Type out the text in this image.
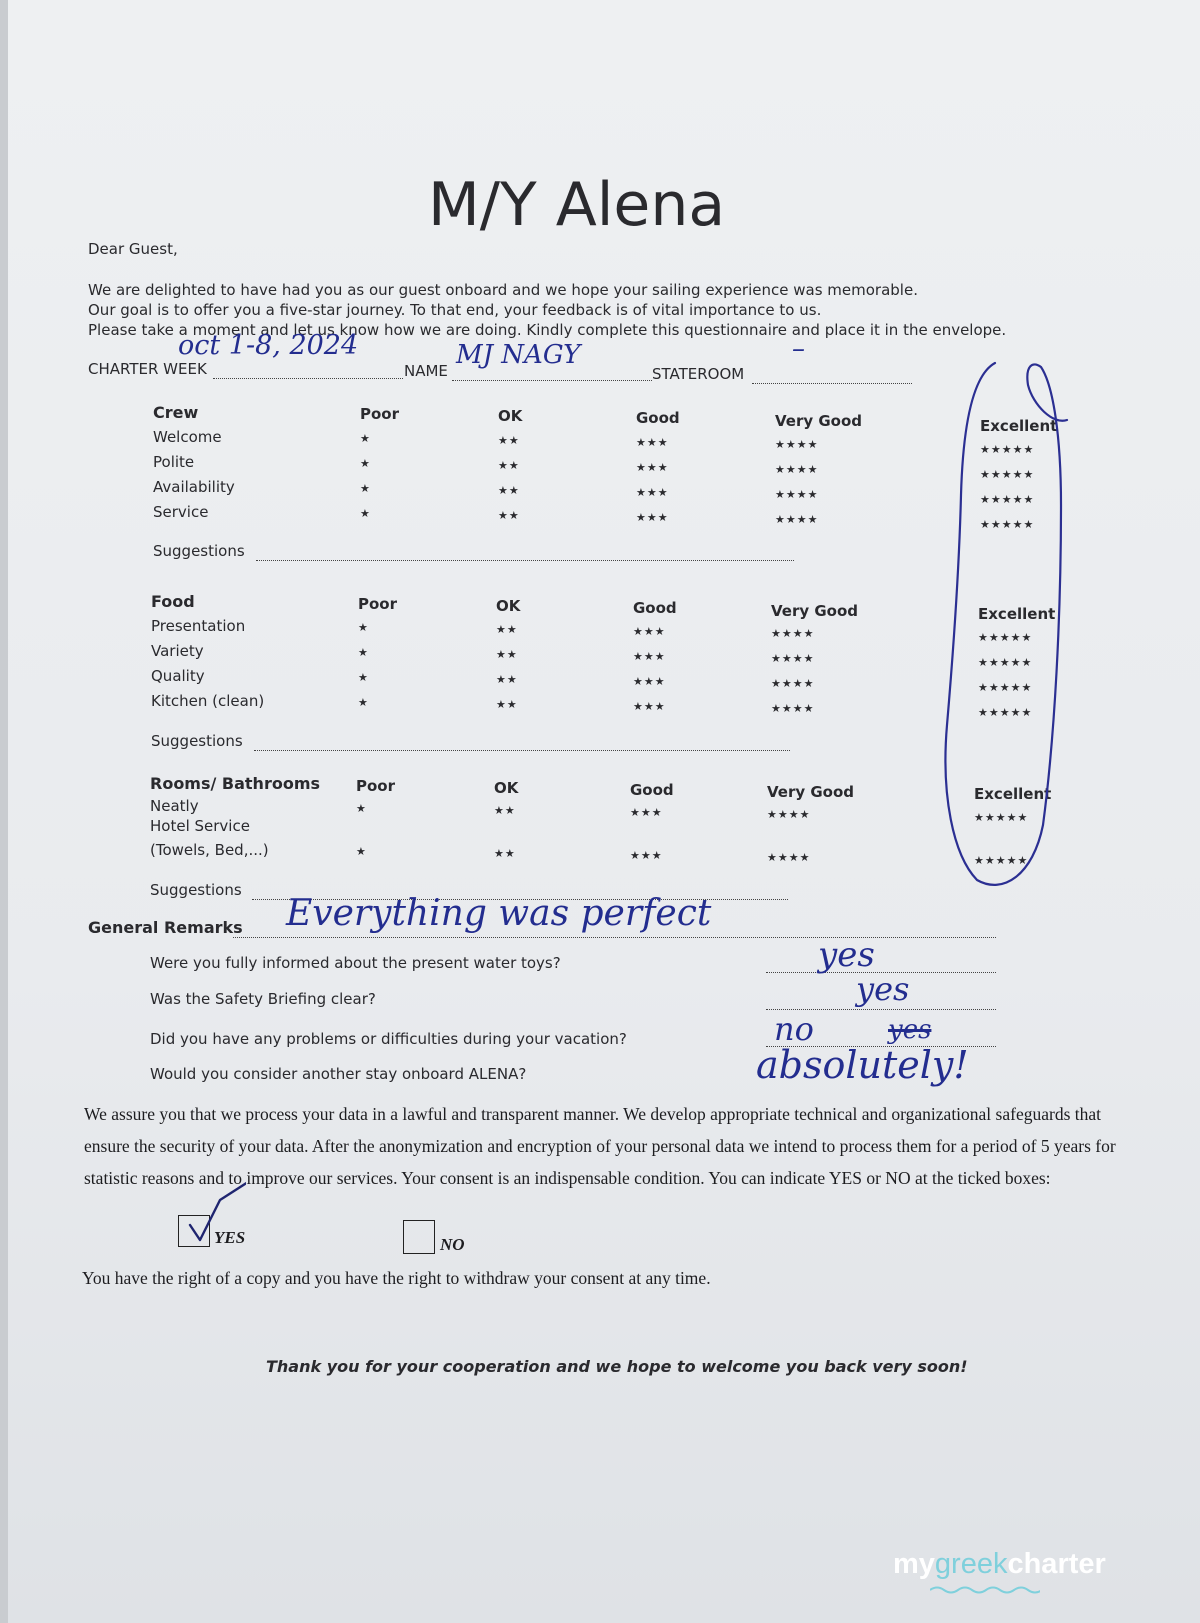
M/Y Alena
Dear Guest,
We are delighted to have had you as our guest onboard and we hope your sailing experience was memorable.
Our goal is to offer you a five-star journey. To that end, your feedback is of vital importance to us.
Please take a moment and let us know how we are doing. Kindly complete this questionnaire and place it in the envelope.
CHARTER WEEK
oct 1-8, 2024
NAME
MJ NAGY
STATEROOM
–
Crew	Poor	OK	Good	Very Good	Excellent
Welcome	★	★★	★★★	★★★★	★★★★★
Polite	★	★★	★★★	★★★★	★★★★★
Availability	★	★★	★★★	★★★★	★★★★★
Service	★	★★	★★★	★★★★	★★★★★
Suggestions
Food	Poor	OK	Good	Very Good	Excellent
Presentation	★	★★	★★★	★★★★	★★★★★
Variety	★	★★	★★★	★★★★	★★★★★
Quality	★	★★	★★★	★★★★	★★★★★
Kitchen (clean)	★	★★	★★★	★★★★	★★★★★
Suggestions
Rooms/ Bathrooms Poor	OK	Good	Very Good	Excellent
Neatly	★	★★	★★★	★★★★	★★★★★
Hotel Service
(Towels, Bed,...)	★	★★	★★★	★★★★	★★★★★
Suggestions
General Remarks Everything was perfect
Were you fully informed about the present water toys?	yes
Was the Safety Briefing clear?	yes
Did you have any problems or difficulties during your vacation?	no	yes
Would you consider another stay onboard ALENA?	absolutely!
We assure you that we process your data in a lawful and transparent manner. We develop appropriate technical and organizational safeguards that ensure the security of your data. After the anonymization and encryption of your personal data we intend to process them for a period of 5 years for statistic reasons and to improve our services. Your consent is an indispensable condition. You can indicate YES or NO at the ticked boxes:
YES	NO
You have the right of a copy and you have the right to withdraw your consent at any time.
Thank you for your cooperation and we hope to welcome you back very soon!
mygreekcharter
